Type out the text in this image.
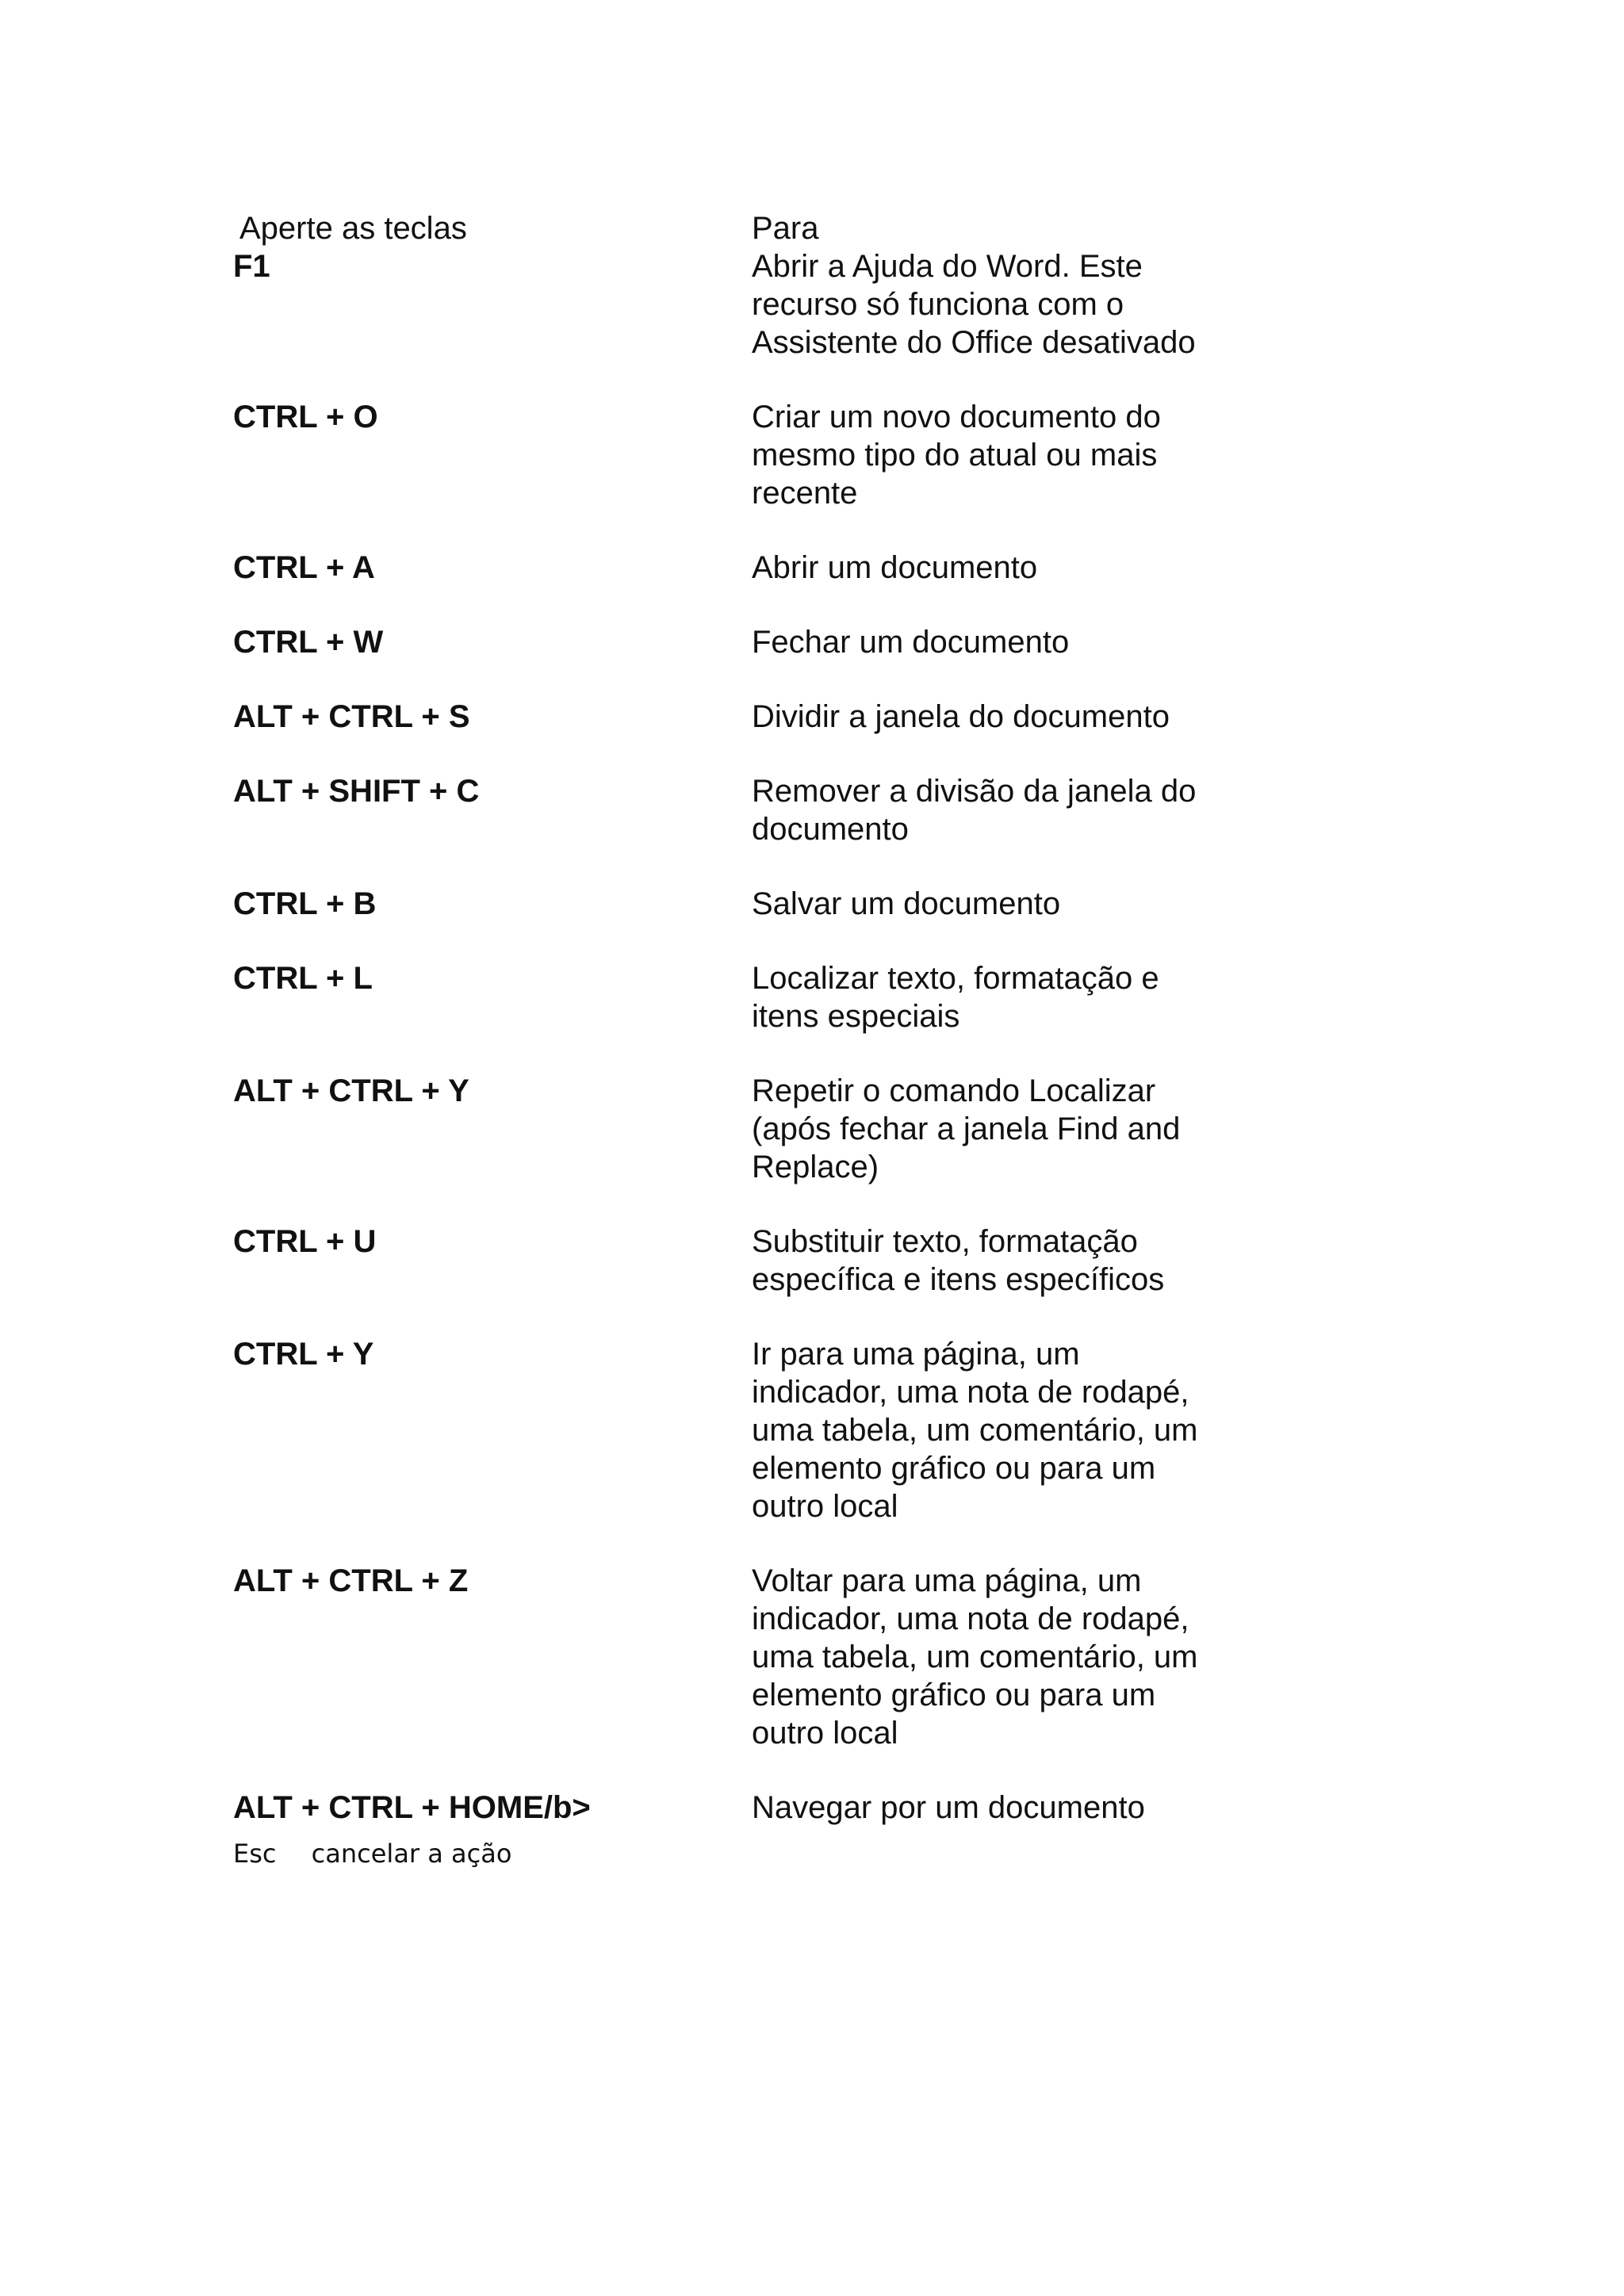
Aperte as teclas	Para
F1	Abrir a Ajuda do Word. Este
recurso só funciona com o
Assistente do Office desativado
CTRL + O	Criar um novo documento do
mesmo tipo do atual ou mais
recente
CTRL + A	Abrir um documento
CTRL + W	Fechar um documento
ALT + CTRL + S	Dividir a janela do documento
ALT + SHIFT + C	Remover a divisão da janela do
documento
CTRL + B	Salvar um documento
CTRL + L	Localizar texto, formatação e
itens especiais
ALT + CTRL + Y	Repetir o comando Localizar
(após fechar a janela Find and
Replace)
CTRL + U	Substituir texto, formatação
específica e itens específicos
CTRL + Y	Ir para uma página, um
indicador, uma nota de rodapé,
uma tabela, um comentário, um
elemento gráfico ou para um
outro local
ALT + CTRL + Z	Voltar para uma página, um
indicador, uma nota de rodapé,
uma tabela, um comentário, um
elemento gráfico ou para um
outro local
ALT + CTRL + HOME/b>	Navegar por um documento
Esc cancelar a ação
